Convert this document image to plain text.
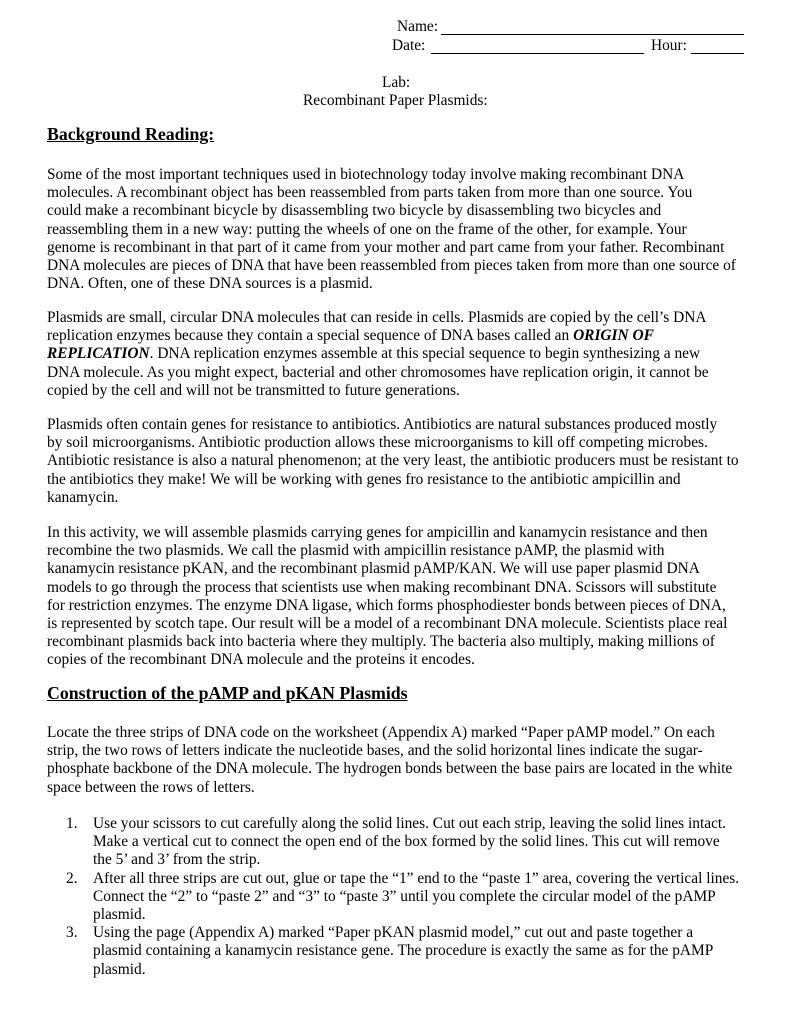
Name:
Date:	Hour:
Lab:
Recombinant Paper Plasmids:
Background Reading:
Some of the most important techniques used in biotechnology today involve making recombinant DNA
molecules. A recombinant object has been reassembled from parts taken from more than one source. You
could make a recombinant bicycle by disassembling two bicycle by disassembling two bicycles and
reassembling them in a new way: putting the wheels of one on the frame of the other, for example. Your
genome is recombinant in that part of it came from your mother and part came from your father. Recombinant
DNA molecules are pieces of DNA that have been reassembled from pieces taken from more than one source of
DNA. Often, one of these DNA sources is a plasmid.
Plasmids are small, circular DNA molecules that can reside in cells. Plasmids are copied by the cell’s DNA
replication enzymes because they contain a special sequence of DNA bases called an ORIGIN OF
REPLICATION. DNA replication enzymes assemble at this special sequence to begin synthesizing a new
DNA molecule. As you might expect, bacterial and other chromosomes have replication origin, it cannot be
copied by the cell and will not be transmitted to future generations.
Plasmids often contain genes for resistance to antibiotics. Antibiotics are natural substances produced mostly
by soil microorganisms. Antibiotic production allows these microorganisms to kill off competing microbes.
Antibiotic resistance is also a natural phenomenon; at the very least, the antibiotic producers must be resistant to
the antibiotics they make! We will be working with genes fro resistance to the antibiotic ampicillin and
kanamycin.
In this activity, we will assemble plasmids carrying genes for ampicillin and kanamycin resistance and then
recombine the two plasmids. We call the plasmid with ampicillin resistance pAMP, the plasmid with
kanamycin resistance pKAN, and the recombinant plasmid pAMP/KAN. We will use paper plasmid DNA
models to go through the process that scientists use when making recombinant DNA. Scissors will substitute
for restriction enzymes. The enzyme DNA ligase, which forms phosphodiester bonds between pieces of DNA,
is represented by scotch tape. Our result will be a model of a recombinant DNA molecule. Scientists place real
recombinant plasmids back into bacteria where they multiply. The bacteria also multiply, making millions of
copies of the recombinant DNA molecule and the proteins it encodes.
Construction of the pAMP and pKAN Plasmids
Locate the three strips of DNA code on the worksheet (Appendix A) marked “Paper pAMP model.” On each
strip, the two rows of letters indicate the nucleotide bases, and the solid horizontal lines indicate the sugar-
phosphate backbone of the DNA molecule. The hydrogen bonds between the base pairs are located in the white
space between the rows of letters.
1. Use your scissors to cut carefully along the solid lines. Cut out each strip, leaving the solid lines intact.
Make a vertical cut to connect the open end of the box formed by the solid lines. This cut will remove
the 5’ and 3’ from the strip.
2. After all three strips are cut out, glue or tape the “1” end to the “paste 1” area, covering the vertical lines.
Connect the “2” to “paste 2” and “3” to “paste 3” until you complete the circular model of the pAMP
plasmid.
3. Using the page (Appendix A) marked “Paper pKAN plasmid model,” cut out and paste together a
plasmid containing a kanamycin resistance gene. The procedure is exactly the same as for the pAMP
plasmid.
